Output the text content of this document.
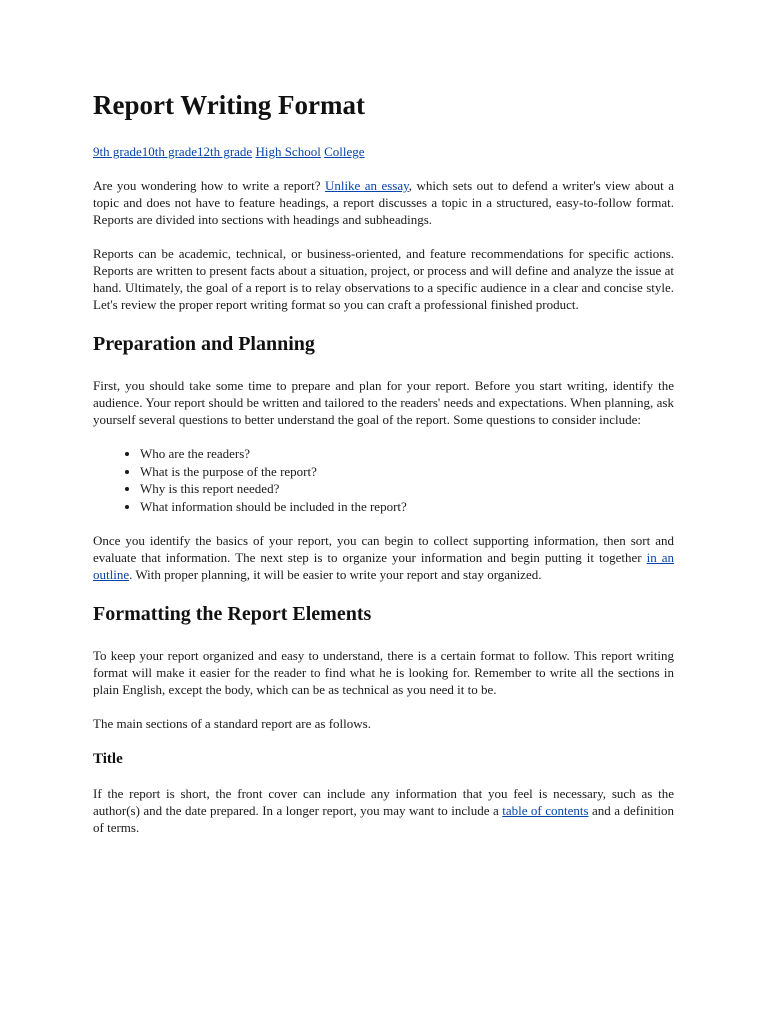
Report Writing Format
9th grade10th grade12th grade High School College

Are you wondering how to write a report? Unlike an essay, which sets out to defend a writer's view about a topic and does not have to feature headings, a report discusses a topic in a structured, easy-to-follow format. Reports are divided into sections with headings and subheadings.

Reports can be academic, technical, or business-oriented, and feature recommendations for specific actions. Reports are written to present facts about a situation, project, or process and will define and analyze the issue at hand. Ultimately, the goal of a report is to relay observations to a specific audience in a clear and concise style. Let's review the proper report writing format so you can craft a professional finished product.

Preparation and Planning

First, you should take some time to prepare and plan for your report. Before you start writing, identify the audience. Your report should be written and tailored to the readers' needs and expectations. When planning, ask yourself several questions to better understand the goal of the report. Some questions to consider include:

• Who are the readers?
• What is the purpose of the report?
• Why is this report needed?
• What information should be included in the report?

Once you identify the basics of your report, you can begin to collect supporting information, then sort and evaluate that information. The next step is to organize your information and begin putting it together in an outline. With proper planning, it will be easier to write your report and stay organized.

Formatting the Report Elements

To keep your report organized and easy to understand, there is a certain format to follow. This report writing format will make it easier for the reader to find what he is looking for. Remember to write all the sections in plain English, except the body, which can be as technical as you need it to be.

The main sections of a standard report are as follows.

Title

If the report is short, the front cover can include any information that you feel is necessary, such as the author(s) and the date prepared. In a longer report, you may want to include a table of contents and a definition of terms.
